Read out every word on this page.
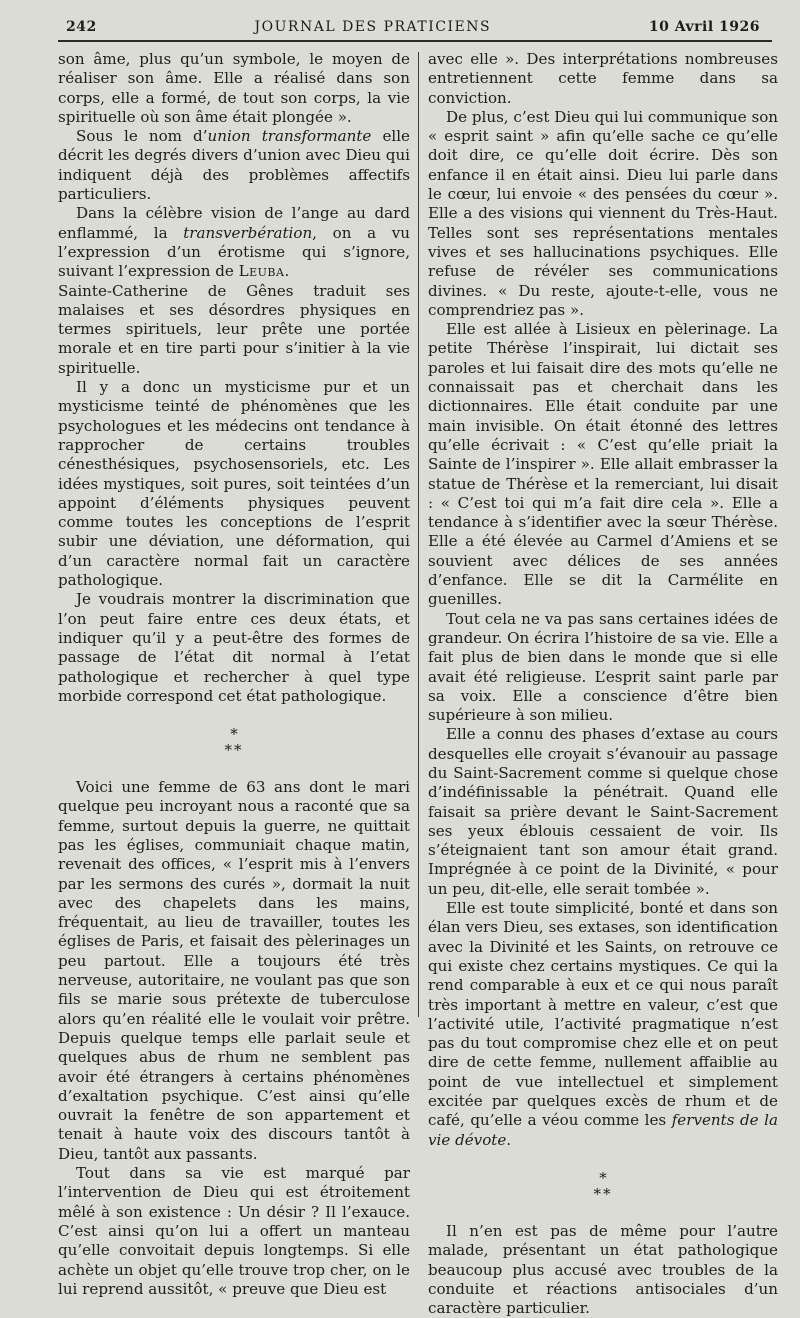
242	JOURNAL DES PRATICIENS	10 Avril 1926

son âme, plus qu’un symbole, le moyen de réaliser son âme. Elle a réalisé dans son corps, elle a formé, de tout son corps, la vie spirituelle où son âme était plongée ».

Sous le nom d’union transformante elle décrit les degrés divers d’union avec Dieu qui indiquent déjà des problèmes affectifs particuliers.

Dans la célèbre vision de l’ange au dard enflammé, la transverbération, on a vu l’expression d’un érotisme qui s’ignore, suivant l’expression de Leuba.

Sainte-Catherine de Gênes traduit ses malaises et ses désordres physiques en termes spirituels, leur prête une portée morale et en tire parti pour s’initier à la vie spirituelle.

Il y a donc un mysticisme pur et un mysticisme teinté de phénomènes que les psychologues et les médecins ont tendance à rapprocher de certains troubles cénesthésiques, psychosensoriels, etc. Les idées mystiques, soit pures, soit teintées d’un appoint d’éléments physiques peuvent comme toutes les conceptions de l’esprit subir une déviation, une déformation, qui d’un caractère normal fait un caractère pathologique.

Je voudrais montrer la discrimination que l’on peut faire entre ces deux états, et indiquer qu’il y a peut-être des formes de passage de l’état dit normal à l’etat pathologique et rechercher à quel type morbide correspond cet état pathologique.

*
**

Voici une femme de 63 ans dont le mari quelque peu incroyant nous a raconté que sa femme, surtout depuis la guerre, ne quittait pas les églises, communiait chaque matin, revenait des offices, « l’esprit mis à l’envers par les sermons des curés », dormait la nuit avec des chapelets dans les mains, fréquentait, au lieu de travailler, toutes les églises de Paris, et faisait des pèlerinages un peu partout. Elle a toujours été très nerveuse, autoritaire, ne voulant pas que son fils se marie sous prétexte de tuberculose alors qu’en réalité elle le voulait voir prêtre. Depuis quelque temps elle parlait seule et quelques abus de rhum ne semblent pas avoir été étrangers à certains phénomènes d’exaltation psychique. C’est ainsi qu’elle ouvrait la fenêtre de son appartement et tenait à haute voix des discours tantôt à Dieu, tantôt aux passants.

Tout dans sa vie est marqué par l’intervention de Dieu qui est étroitement mêlé à son existence : Un désir ? Il l’exauce. C’est ainsi qu’on lui a offert un manteau qu’elle convoitait depuis longtemps. Si elle achète un objet qu’elle trouve trop cher, on le lui reprend aussitôt, « preuve que Dieu est

avec elle ». Des interprétations nombreuses entretiennent cette femme dans sa conviction.

De plus, c’est Dieu qui lui communique son « esprit saint » afin qu’elle sache ce qu’elle doit dire, ce qu’elle doit écrire. Dès son enfance il en était ainsi. Dieu lui parle dans le cœur, lui envoie « des pensées du cœur ». Elle a des visions qui viennent du Très-Haut. Telles sont ses représentations mentales vives et ses hallucinations psychiques. Elle refuse de révéler ses communications divines. « Du reste, ajoute-t-elle, vous ne comprendriez pas ».

Elle est allée à Lisieux en pèlerinage. La petite Thérèse l’inspirait, lui dictait ses paroles et lui faisait dire des mots qu’elle ne connaissait pas et cherchait dans les dictionnaires. Elle était conduite par une main invisible. On était étonné des lettres qu’elle écrivait : « C’est qu’elle priait la Sainte de l’inspirer ». Elle allait embrasser la statue de Thérèse et la remerciant, lui disait : « C’est toi qui m’a fait dire cela ». Elle a tendance à s’identifier avec la sœur Thérèse. Elle a été élevée au Carmel d’Amiens et se souvient avec délices de ses années d’enfance. Elle se dit la Carmélite en guenilles.

Tout cela ne va pas sans certaines idées de grandeur. On écrira l’histoire de sa vie. Elle a fait plus de bien dans le monde que si elle avait été religieuse. L’esprit saint parle par sa voix. Elle a conscience d’être bien supérieure à son milieu.

Elle a connu des phases d’extase au cours desquelles elle croyait s’évanouir au passage du Saint-Sacrement comme si quelque chose d’indéfinissable la pénétrait. Quand elle faisait sa prière devant le Saint-Sacrement ses yeux éblouis cessaient de voir. Ils s’éteignaient tant son amour était grand. Imprégnée à ce point de la Divinité, « pour un peu, dit-elle, elle serait tombée ».

Elle est toute simplicité, bonté et dans son élan vers Dieu, ses extases, son identification avec la Divinité et les Saints, on retrouve ce qui existe chez certains mystiques. Ce qui la rend comparable à eux et ce qui nous paraît très important à mettre en valeur, c’est que l’activité utile, l’activité pragmatique n’est pas du tout compromise chez elle et on peut dire de cette femme, nullement affaiblie au point de vue intellectuel et simplement excitée par quelques excès de rhum et de café, qu’elle a véou comme les fervents de la vie dévote.

*
**

Il n’en est pas de même pour l’autre malade, présentant un état pathologique beaucoup plus accusé avec troubles de la conduite et réactions antisociales d’un caractère particulier.
